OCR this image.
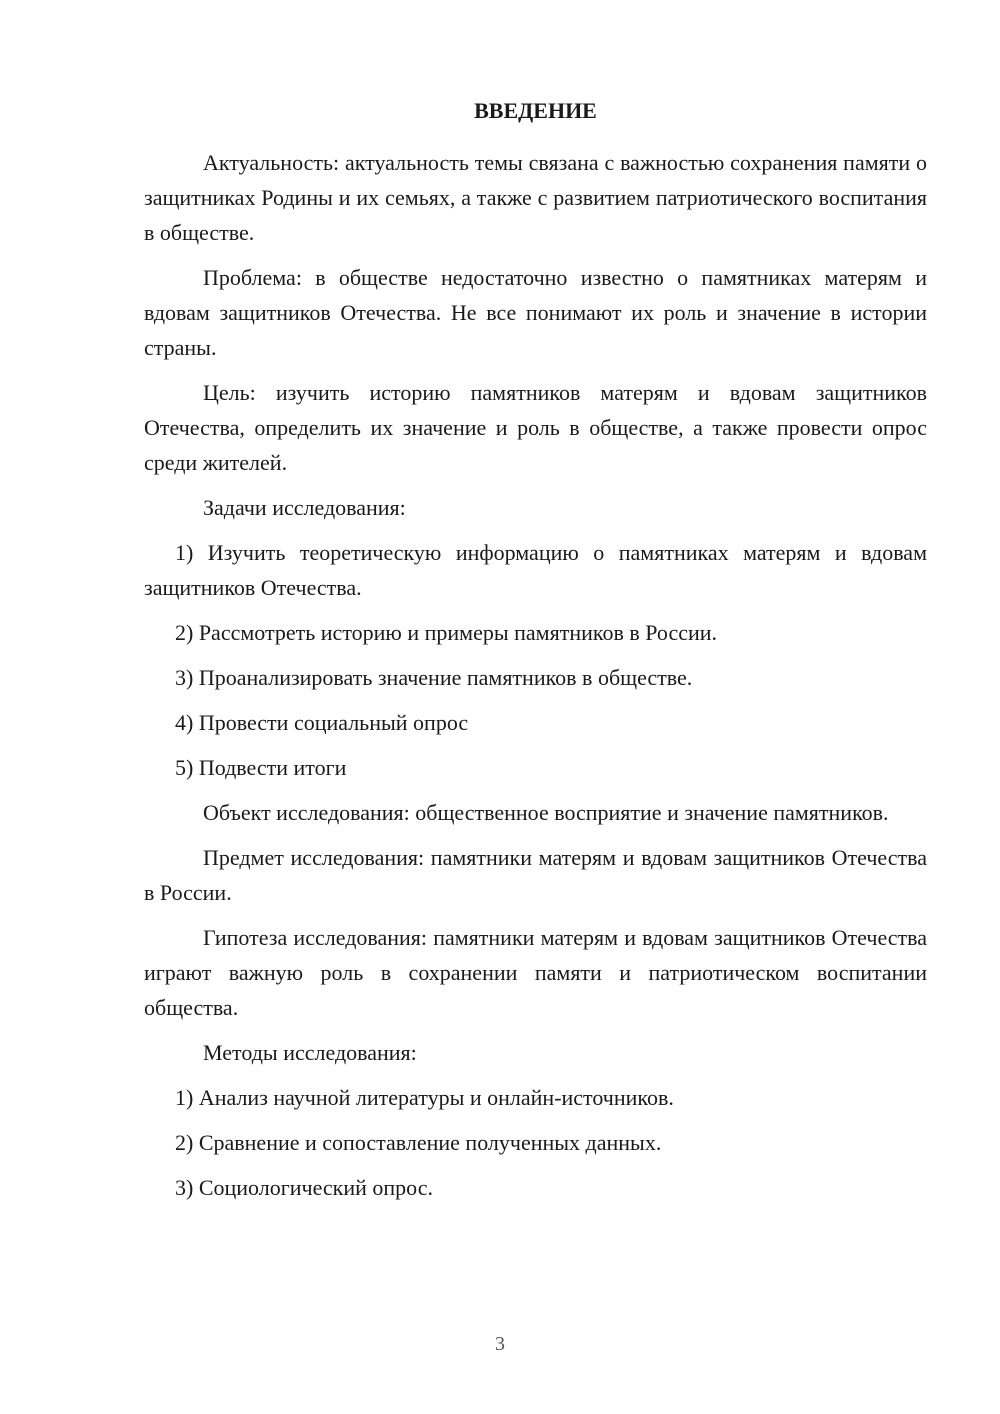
ВВЕДЕНИЕ

Актуальность: актуальность темы связана с важностью сохранения памяти о защитниках Родины и их семьях, а также с развитием патриотического воспитания в обществе.

Проблема: в обществе недостаточно известно о памятниках матерям и вдовам защитников Отечества. Не все понимают их роль и значение в истории страны.

Цель: изучить историю памятников матерям и вдовам защитников Отечества, определить их значение и роль в обществе, а также провести опрос среди жителей.

Задачи исследования:

1) Изучить теоретическую информацию о памятниках матерям и вдовам защитников Отечества.

2) Рассмотреть историю и примеры памятников в России.

3) Проанализировать значение памятников в обществе.

4) Провести социальный опрос

5) Подвести итоги

Объект исследования: общественное восприятие и значение памятников.

Предмет исследования: памятники матерям и вдовам защитников Отечества в России.

Гипотеза исследования: памятники матерям и вдовам защитников Отечества играют важную роль в сохранении памяти и патриотическом воспитании общества.

Методы исследования:

1) Анализ научной литературы и онлайн-источников.

2) Сравнение и сопоставление полученных данных.

3) Социологический опрос.

3
